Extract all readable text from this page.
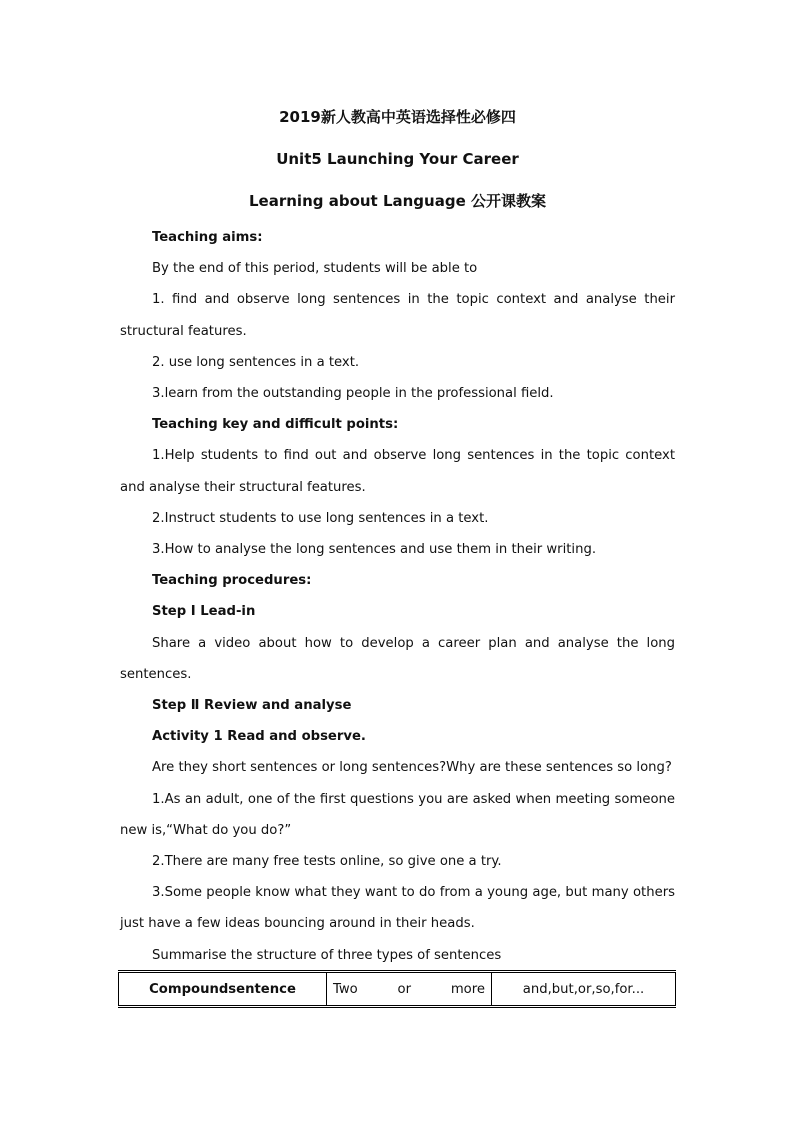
2019新人教高中英语选择性必修四

Unit5 Launching Your Career

Learning about Language 公开课教案

Teaching aims:

By the end of this period, students will be able to

1. find and observe long sentences in the topic context and analyse their structural features.

2. use long sentences in a text.

3.learn from the outstanding people in the professional field.

Teaching key and difficult points:

1.Help students to find out and observe long sentences in the topic context and analyse their structural features.

2.Instruct students to use long sentences in a text.

3.How to analyse the long sentences and use them in their writing.

Teaching procedures:

Step Ⅰ Lead-in

Share a video about how to develop a career plan and analyse the long sentences.

Step Ⅱ Review and analyse

Activity 1 Read and observe.

Are they short sentences or long sentences?Why are these sentences so long?

1.As an adult, one of the first questions you are asked when meeting someone new is,“What do you do?”

2.There are many free tests online, so give one a try.

3.Some people know what they want to do from a young age, but many others just have a few ideas bouncing around in their heads.

Summarise the structure of three types of sentences

Compoundsentence	Two or more	and,but,or,so,for...
